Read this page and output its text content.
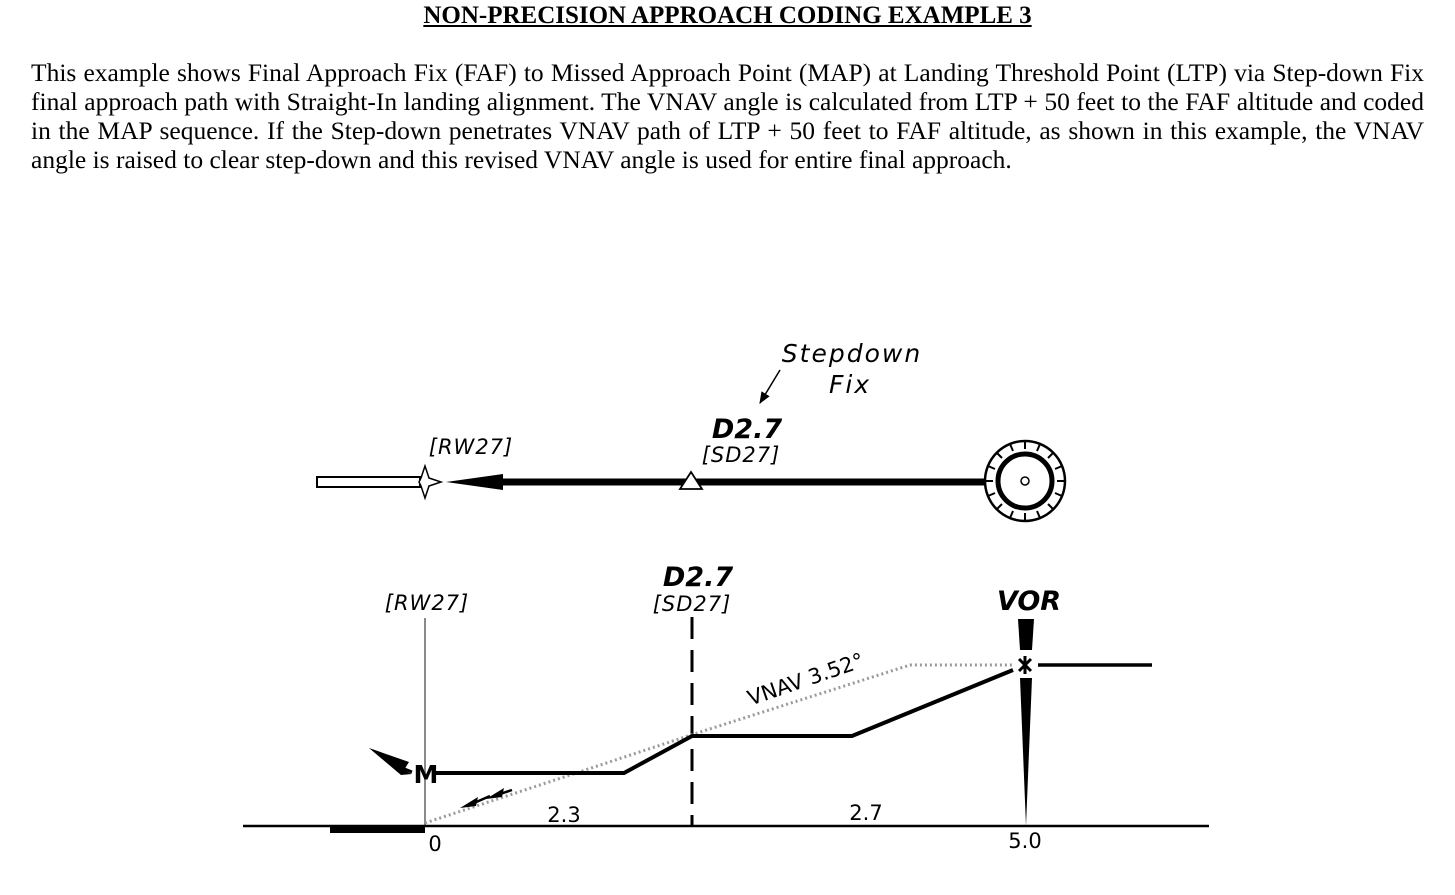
NON-PRECISION APPROACH CODING EXAMPLE 3

This example shows Final Approach Fix (FAF) to Missed Approach Point (MAP) at Landing Threshold Point (LTP) via Step-down Fix final approach path with Straight-In landing alignment. The VNAV angle is calculated from LTP + 50 feet to the FAF altitude and coded in the MAP sequence. If the Step-down penetrates VNAV path of LTP + 50 feet to FAF altitude, as shown in this example, the VNAV angle is raised to clear step-down and this revised VNAV angle is used for entire final approach.

Stepdown
Fix
[RW27]
D2.7
[SD27]
[RW27]
D2.7
[SD27]	VOR
VNAV 3.52°
M
2.3	2.7
0	5.0
